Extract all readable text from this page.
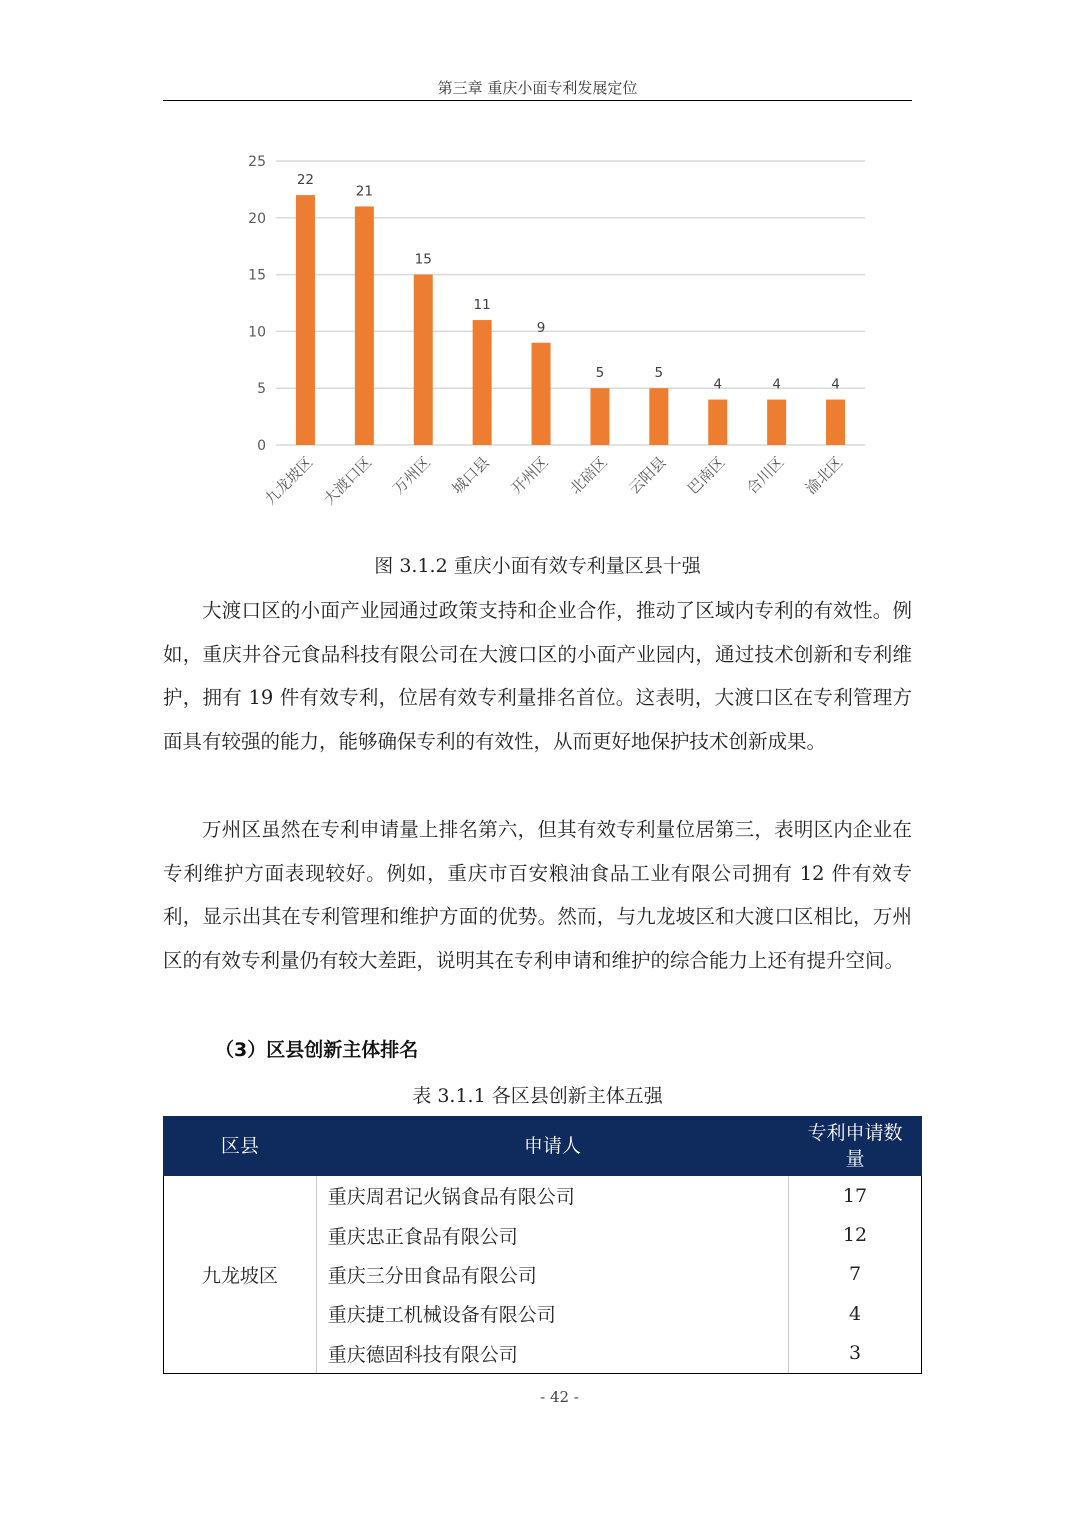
第三章 重庆小面专利发展定位
0
5
10
15
20
25
22
九龙坡区
21
大渡口区
15
万州区
11
城口县
9
开州区
5
北碚区
5
云阳县
4
巴南区
4
合川区
4
渝北区
图 3.1.2 重庆小面有效专利量区县十强

大渡口区的小面产业园通过政策支持和企业合作，推动了区域内专利的有效性。例如，重庆井谷元食品科技有限公司在大渡口区的小面产业园内，通过技术创新和专利维护，拥有 19 件有效专利，位居有效专利量排名首位。这表明，大渡口区在专利管理方面具有较强的能力，能够确保专利的有效性，从而更好地保护技术创新成果。

万州区虽然在专利申请量上排名第六，但其有效专利量位居第三，表明区内企业在专利维护方面表现较好。例如，重庆市百安粮油食品工业有限公司拥有 12 件有效专利，显示出其在专利管理和维护方面的优势。然而，与九龙坡区和大渡口区相比，万州区的有效专利量仍有较大差距，说明其在专利申请和维护的综合能力上还有提升空间。

（3）区县创新主体排名
表 3.1.1 各区县创新主体五强
区县	申请人	专利申请数量
九龙坡区	重庆周君记火锅食品有限公司	17
	重庆忠正食品有限公司	12
	重庆三分田食品有限公司	7
	重庆捷工机械设备有限公司	4
	重庆德固科技有限公司	3
- 42 -
